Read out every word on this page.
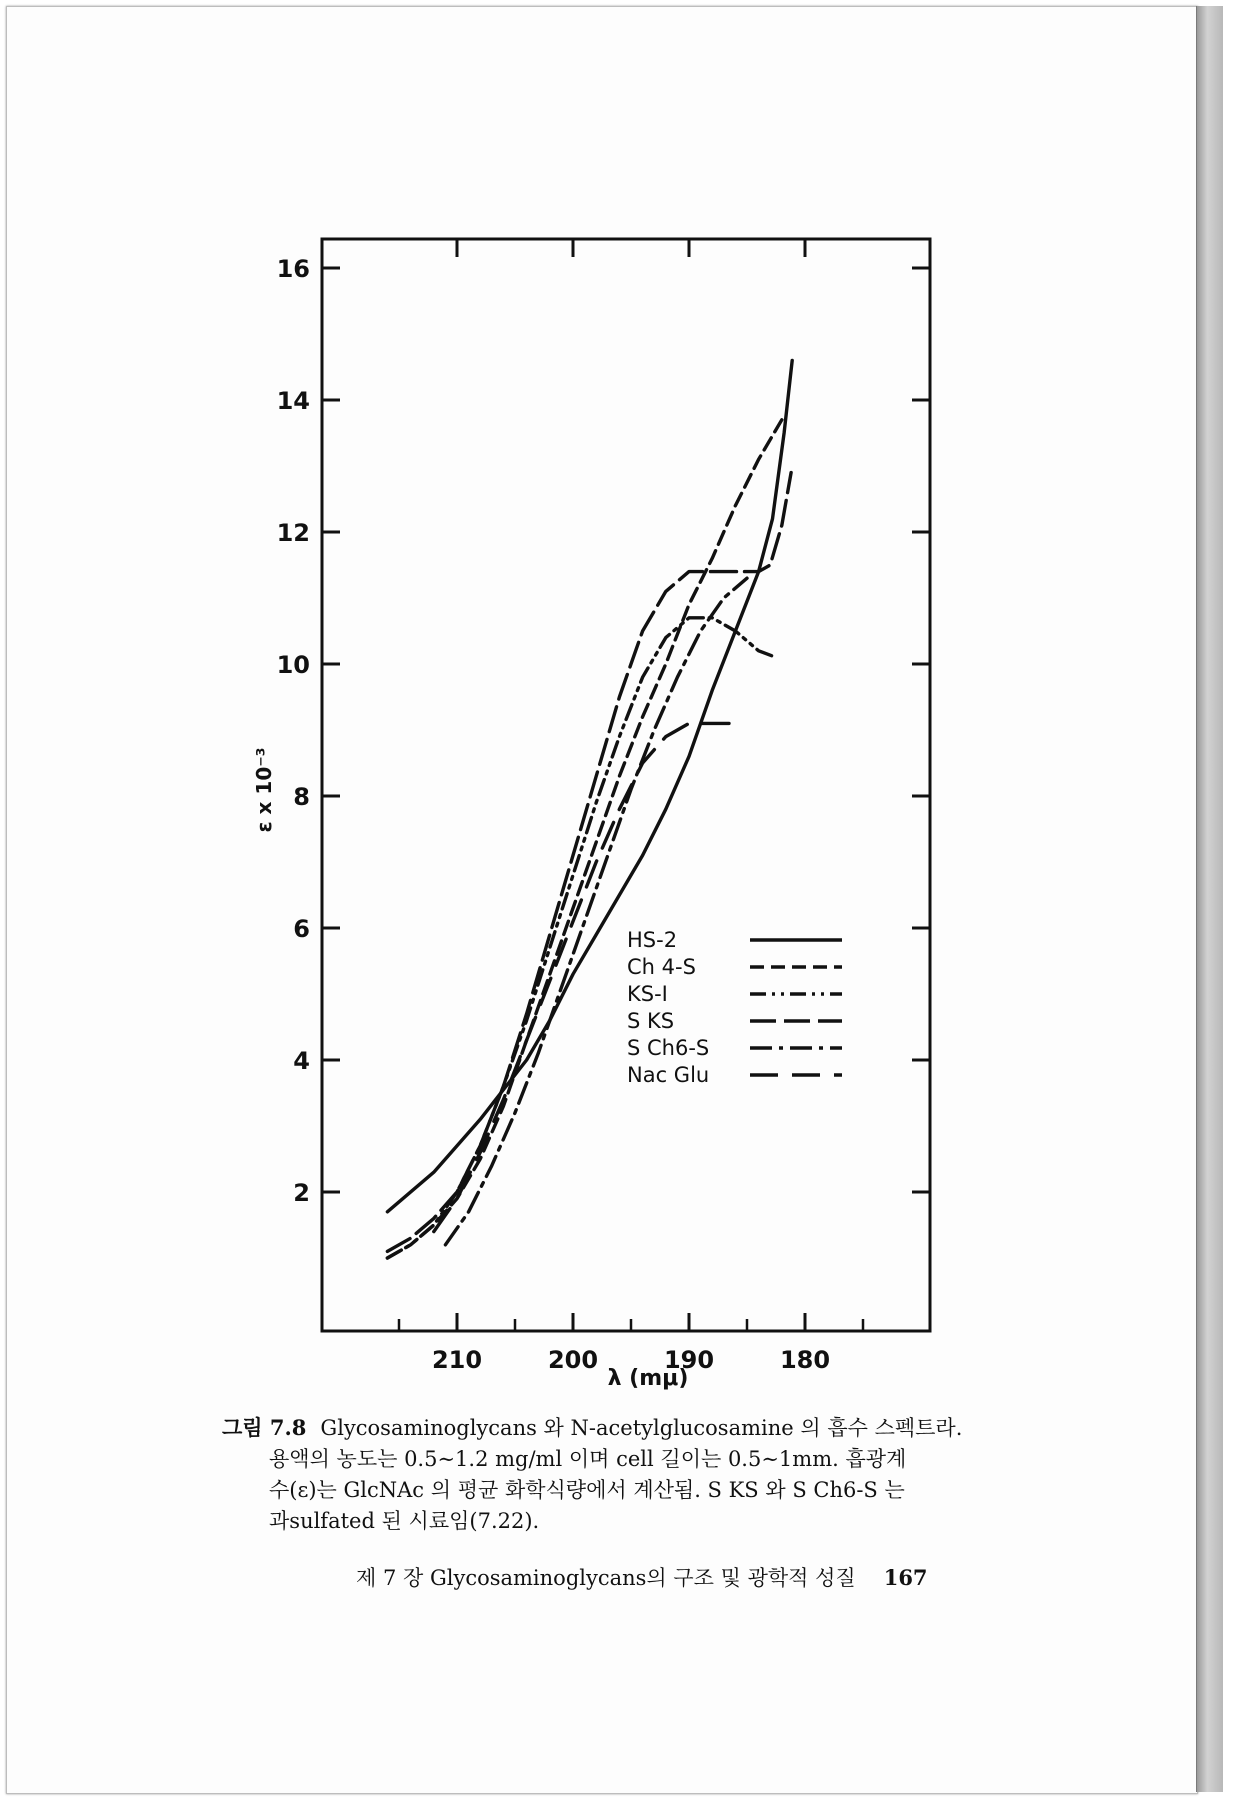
2
4
6
8
10
12
14
16
210	200	190	180
ε x 10⁻³
λ (mμ)
HS-2
Ch 4-S
KS-I
S KS
S Ch6-S
Nac Glu
그림 7.8 Glycosaminoglycans 와 N-acetylglucosamine 의 흡수 스펙트라.
용액의 농도는 0.5∼1.2 mg/ml 이며 cell 길이는 0.5∼1mm. 흡광계
수(ε)는 GlcNAc 의 평균 화학식량에서 계산됨. S KS 와 S Ch6-S 는
과sulfated 된 시료임(7.22).
제 7 장 Glycosaminoglycans의 구조 및 광학적 성질 167
